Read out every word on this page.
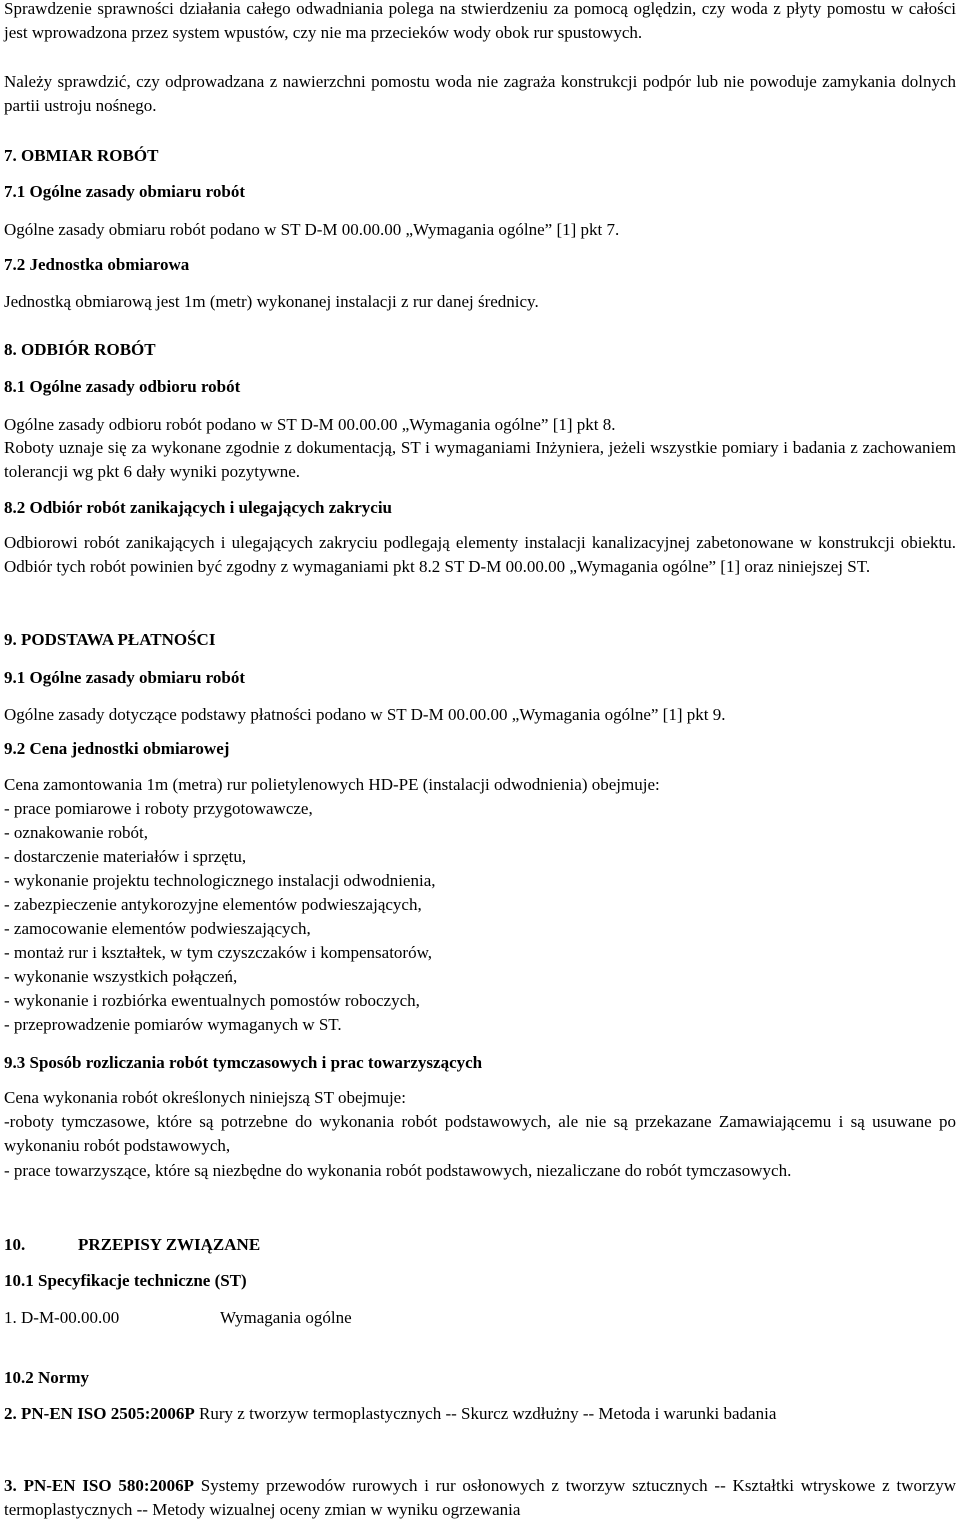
Sprawdzenie sprawności działania całego odwadniania polega na stwierdzeniu za pomocą oględzin, czy woda z płyty pomostu w całości jest wprowadzona przez system wpustów, czy nie ma przecieków wody obok rur spustowych.

Należy sprawdzić, czy odprowadzana z nawierzchni pomostu woda nie zagraża konstrukcji podpór lub nie powoduje zamykania dolnych partii ustroju nośnego.

7. OBMIAR ROBÓT

7.1 Ogólne zasady obmiaru robót

Ogólne zasady obmiaru robót podano w ST D-M 00.00.00 „Wymagania ogólne” [1] pkt 7.

7.2 Jednostka obmiarowa

Jednostką obmiarową jest 1m (metr) wykonanej instalacji z rur danej średnicy.

8. ODBIÓR ROBÓT

8.1 Ogólne zasady odbioru robót

Ogólne zasady odbioru robót podano w ST D-M 00.00.00 „Wymagania ogólne” [1] pkt 8.

Roboty uznaje się za wykonane zgodnie z dokumentacją, ST i wymaganiami Inżyniera, jeżeli wszystkie pomiary i badania z zachowaniem tolerancji wg pkt 6 dały wyniki pozytywne.

8.2 Odbiór robót zanikających i ulegających zakryciu

Odbiorowi robót zanikających i ulegających zakryciu podlegają elementy instalacji kanalizacyjnej zabetonowane w konstrukcji obiektu. Odbiór tych robót powinien być zgodny z wymaganiami pkt 8.2 ST D-M 00.00.00 „Wymagania ogólne” [1] oraz niniejszej ST.

9. PODSTAWA PŁATNOŚCI

9.1 Ogólne zasady obmiaru robót

Ogólne zasady dotyczące podstawy płatności podano w ST D-M 00.00.00 „Wymagania ogólne” [1] pkt 9.

9.2 Cena jednostki obmiarowej

Cena zamontowania 1m (metra) rur polietylenowych HD-PE (instalacji odwodnienia) obejmuje:

- prace pomiarowe i roboty przygotowawcze,
- oznakowanie robót,
- dostarczenie materiałów i sprzętu,
- wykonanie projektu technologicznego instalacji odwodnienia,
- zabezpieczenie antykorozyjne elementów podwieszających,
- zamocowanie elementów podwieszających,
- montaż rur i kształtek, w tym czyszczaków i kompensatorów,
- wykonanie wszystkich połączeń,
- wykonanie i rozbiórka ewentualnych pomostów roboczych,
- przeprowadzenie pomiarów wymaganych w ST.

9.3 Sposób rozliczania robót tymczasowych i prac towarzyszących

Cena wykonania robót określonych niniejszą ST obejmuje:

-roboty tymczasowe, które są potrzebne do wykonania robót podstawowych, ale nie są przekazane Zamawiającemu i są usuwane po wykonaniu robót podstawowych,

- prace towarzyszące, które są niezbędne do wykonania robót podstawowych, niezaliczane do robót tymczasowych.

10.	PRZEPISY ZWIĄZANE

10.1 Specyfikacje techniczne (ST)

1. D-M-00.00.00	Wymagania ogólne

10.2 Normy

2. PN-EN ISO 2505:2006P Rury z tworzyw termoplastycznych -- Skurcz wzdłużny -- Metoda i warunki badania

3. PN-EN ISO 580:2006P Systemy przewodów rurowych i rur osłonowych z tworzyw sztucznych -- Kształtki wtryskowe z tworzyw termoplastycznych -- Metody wizualnej oceny zmian w wyniku ogrzewania
